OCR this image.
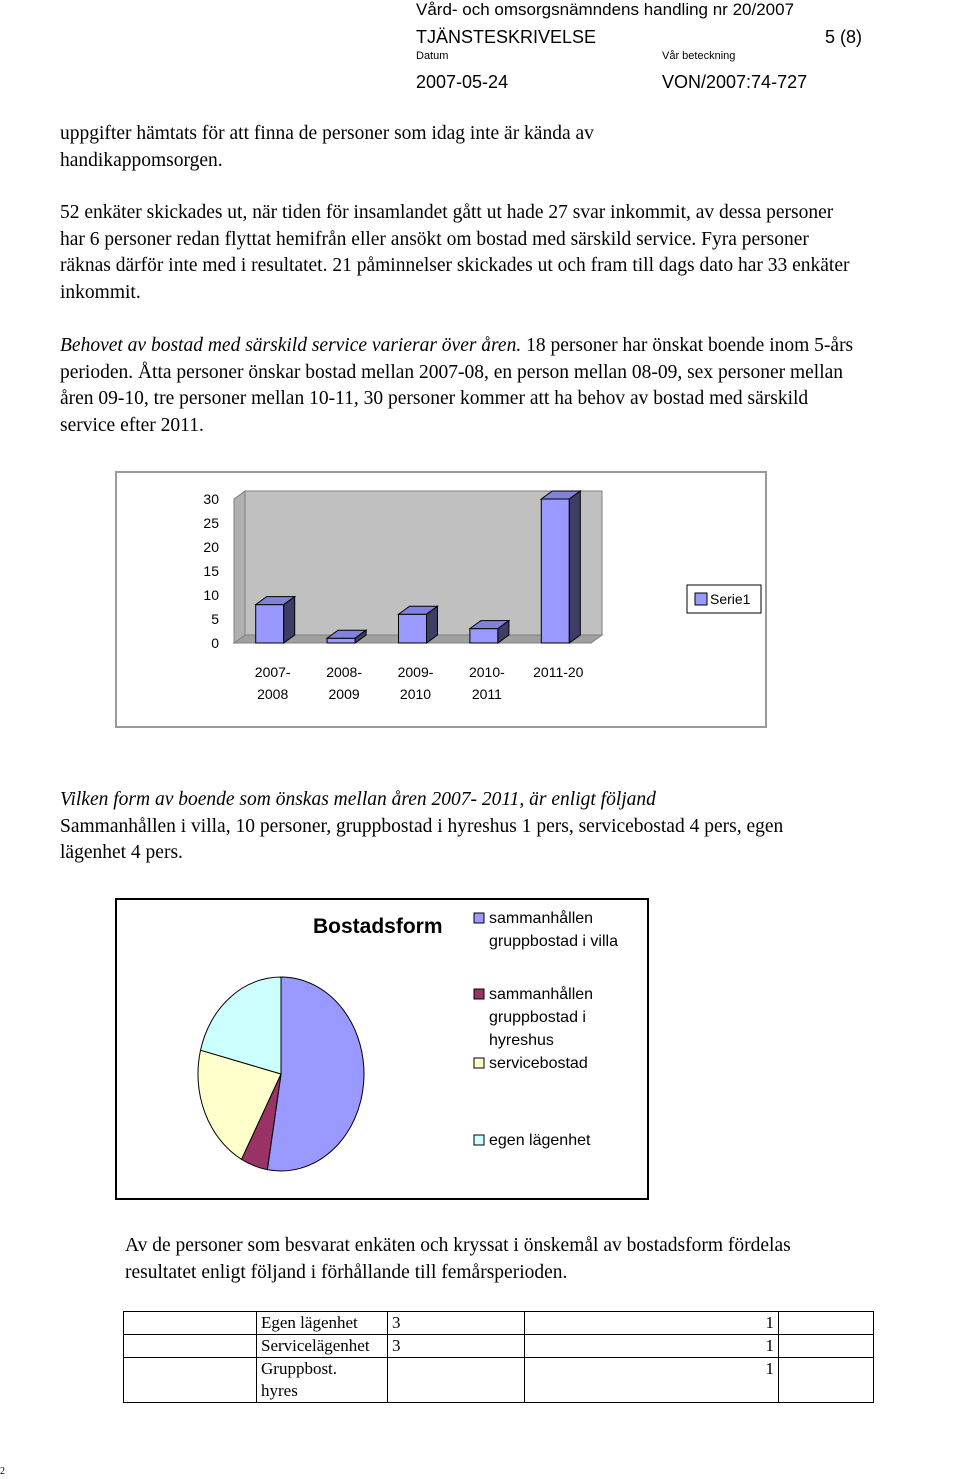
Vård- och omsorgsnämndens handling nr 20/2007
TJÄNSTESKRIVELSE	5 (8)
Datum	Vår beteckning
2007-05-24	VON/2007:74-727
uppgifter hämtats för att finna de personer som idag inte är kända av handikappomsorgen.
52 enkäter skickades ut, när tiden för insamlandet gått ut hade 27 svar inkommit, av dessa personer har 6 personer redan flyttat hemifrån eller ansökt om bostad med särskild service. Fyra personer räknas därför inte med i resultatet. 21 påminnelser skickades ut och fram till dags dato har 33 enkäter inkommit.
Behovet av bostad med särskild service varierar över åren. 18 personer har önskat boende inom 5-års perioden. Åtta personer önskar bostad mellan 2007-08, en person mellan 08-09, sex personer mellan åren 09-10, tre personer mellan 10-11, 30 personer kommer att ha behov av bostad med särskild service efter 2011.
0
5
10
15
20
25
30
2007-
2008
2008-
2009
2009-
2010
2010-
2011
2011-20
Serie1
Vilken form av boende som önskas mellan åren 2007- 2011, är enligt följand
Sammanhållen i villa, 10 personer, gruppbostad i hyreshus 1 pers, servicebostad 4 pers, egen lägenhet 4 pers.
Bostadsform	sammanhållen
gruppbostad i villa
sammanhållen
gruppbostad i
hyreshus
servicebostad
egen lägenhet
Av de personer som besvarat enkäten och kryssat i önskemål av bostadsform fördelas resultatet enligt följand i förhållande till femårsperioden.
	Egen lägenhet	3	1	
	Servicelägenhet	3	1	
	Gruppbost.
hyres		1	
2
